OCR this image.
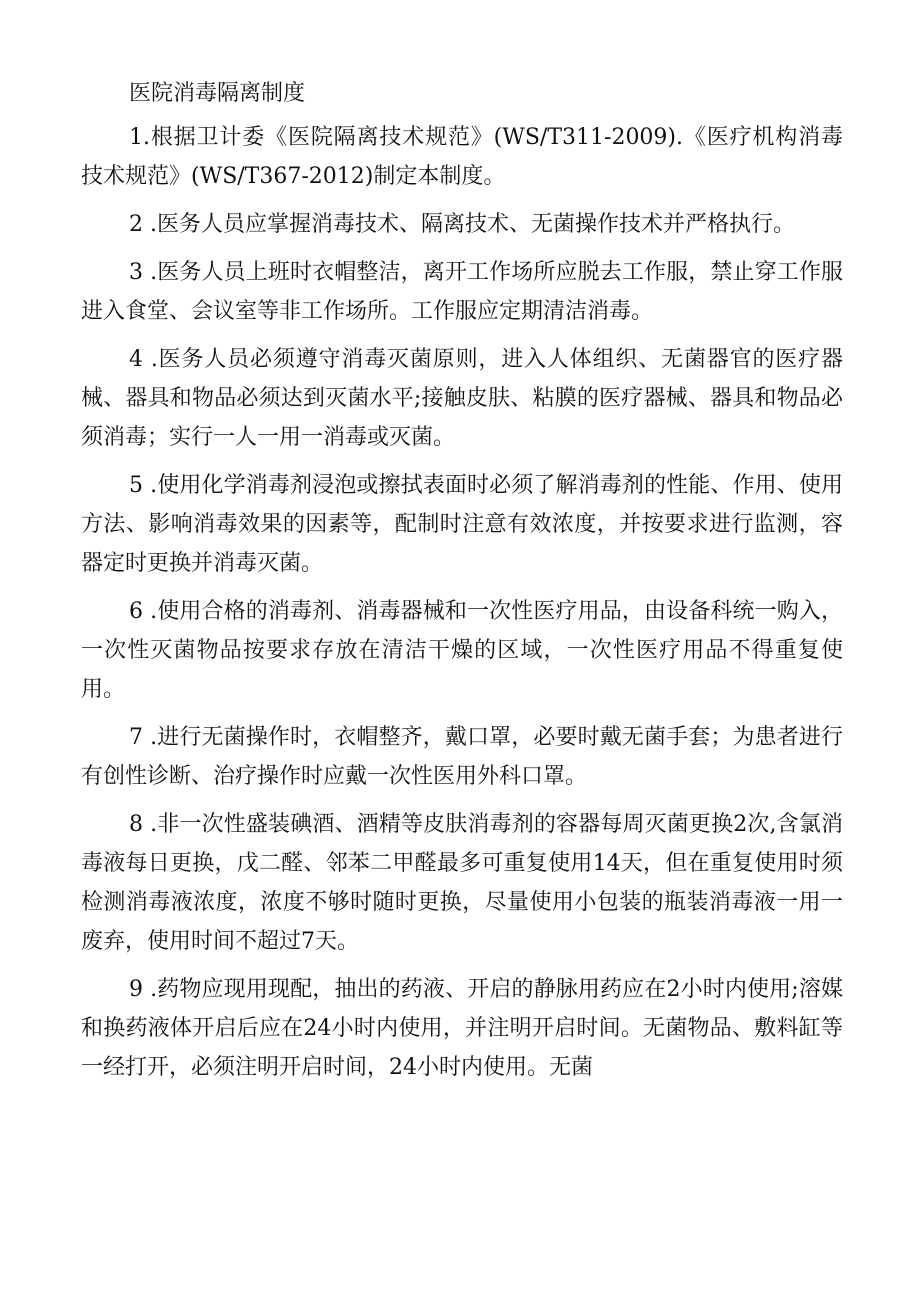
医院消毒隔离制度

1.根据卫计委《医院隔离技术规范》(WS/T311-2009).《医疗机构消毒技术规范》(WS/T367-2012)制定本制度。

2 .医务人员应掌握消毒技术、隔离技术、无菌操作技术并严格执行。

3 .医务人员上班时衣帽整洁，离开工作场所应脱去工作服，禁止穿工作服进入食堂、会议室等非工作场所。工作服应定期清洁消毒。

4 .医务人员必须遵守消毒灭菌原则，进入人体组织、无菌器官的医疗器械、器具和物品必须达到灭菌水平;接触皮肤、粘膜的医疗器械、器具和物品必须消毒；实行一人一用一消毒或灭菌。

5 .使用化学消毒剂浸泡或擦拭表面时必须了解消毒剂的性能、作用、使用方法、影响消毒效果的因素等，配制时注意有效浓度，并按要求进行监测，容器定时更换并消毒灭菌。

6 .使用合格的消毒剂、消毒器械和一次性医疗用品，由设备科统一购入，一次性灭菌物品按要求存放在清洁干燥的区域，一次性医疗用品不得重复使用。

7 .进行无菌操作时，衣帽整齐，戴口罩，必要时戴无菌手套；为患者进行有创性诊断、治疗操作时应戴一次性医用外科口罩。

8 .非一次性盛装碘酒、酒精等皮肤消毒剂的容器每周灭菌更换2次,含氯消毒液每日更换，戊二醛、邻苯二甲醛最多可重复使用14天，但在重复使用时须检测消毒液浓度，浓度不够时随时更换，尽量使用小包装的瓶装消毒液一用一废弃，使用时间不超过7天。

9 .药物应现用现配，抽出的药液、开启的静脉用药应在2小时内使用;溶媒和换药液体开启后应在24小时内使用，并注明开启时间。无菌物品、敷料缸等一经打开，必须注明开启时间，24小时内使用。无菌
